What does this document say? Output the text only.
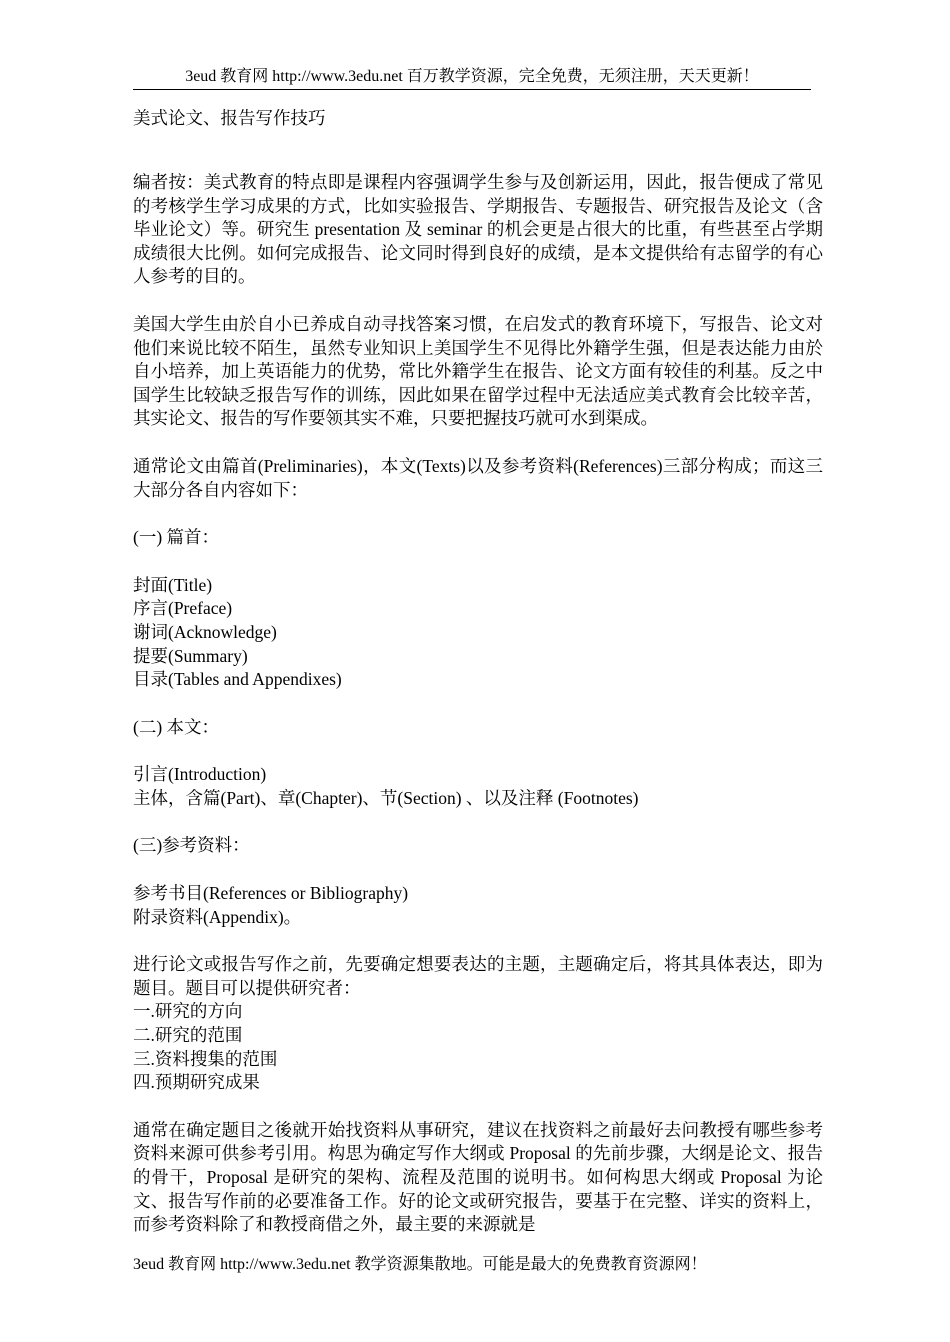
3eud 教育网 http://www.3edu.net 百万教学资源，完全免费，无须注册，天天更新！
美式论文、报告写作技巧

编者按：美式教育的特点即是课程内容强调学生参与及创新运用，因此，报告便成了常见的考核学生学习成果的方式，比如实验报告、学期报告、专题报告、研究报告及论文（含毕业论文）等。研究生 presentation 及 seminar 的机会更是占很大的比重，有些甚至占学期成绩很大比例。如何完成报告、论文同时得到良好的成绩，是本文提供给有志留学的有心人参考的目的。

美国大学生由於自小已养成自动寻找答案习惯，在启发式的教育环境下，写报告、论文对他们来说比较不陌生，虽然专业知识上美国学生不见得比外籍学生强，但是表达能力由於自小培养，加上英语能力的优势，常比外籍学生在报告、论文方面有较佳的利基。反之中国学生比较缺乏报告写作的训练，因此如果在留学过程中无法适应美式教育会比较辛苦，其实论文、报告的写作要领其实不难，只要把握技巧就可水到渠成。

通常论文由篇首(Preliminaries)，本文(Texts)以及参考资料(References)三部分构成；而这三大部分各自内容如下：

(一) 篇首：
封面(Title)
序言(Preface)
谢词(Acknowledge)
提要(Summary)
目录(Tables and Appendixes)
(二) 本文：
引言(Introduction)
主体，含篇(Part)、章(Chapter)、节(Section) 、以及注释 (Footnotes)
(三)参考资料：
参考书目(References or Bibliography)
附录资料(Appendix)。
进行论文或报告写作之前，先要确定想要表达的主题，主题确定后，将其具体表达，即为题目。题目可以提供研究者：
一.研究的方向
二.研究的范围
三.资料搜集的范围
四.预期研究成果

通常在确定题目之後就开始找资料从事研究，建议在找资料之前最好去问教授有哪些参考资料来源可供参考引用。构思为确定写作大纲或 Proposal 的先前步骤，大纲是论文、报告的骨干，Proposal 是研究的架构、流程及范围的说明书。如何构思大纲或 Proposal 为论文、报告写作前的必要准备工作。好的论文或研究报告，要基于在完整、详实的资料上，而参考资料除了和教授商借之外，最主要的来源就是

3eud 教育网 http://www.3edu.net 教学资源集散地。可能是最大的免费教育资源网！
